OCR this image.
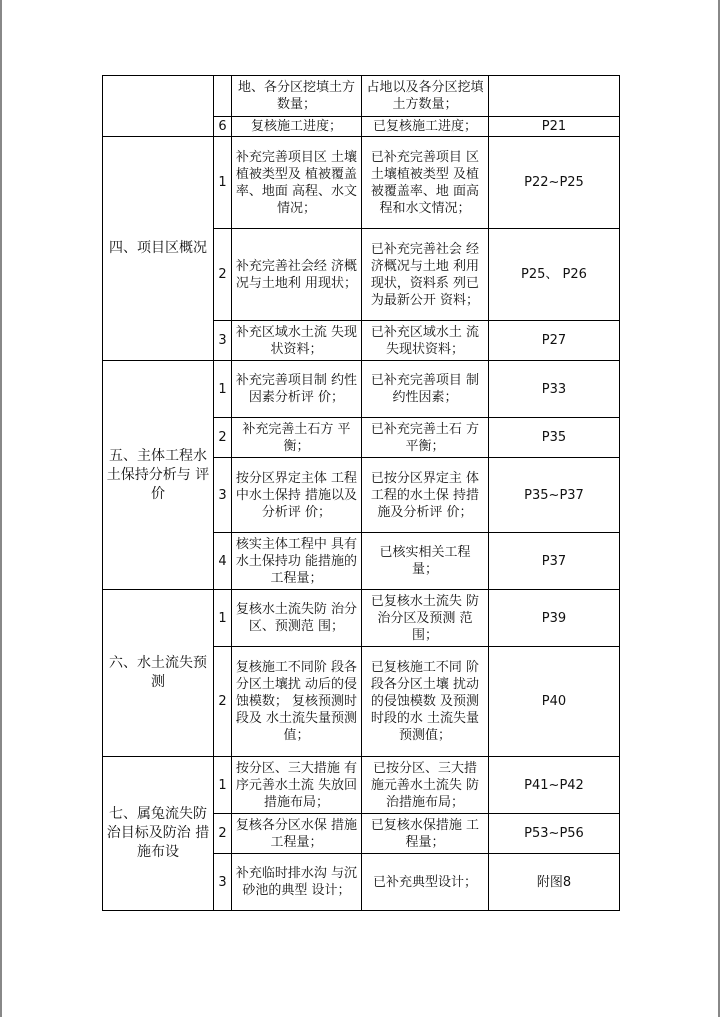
		地、各分区挖填土方数量；	占地以及各分区挖填土方数量；	
	6	复核施工进度；	已复核施工进度；	P21
四、项目区概况	1	补充完善项目区 土壤植被类型及 植被覆盖率、地面 高程、水文情况；	已补充完善项目 区土壤植被类型 及植被覆盖率、地 面高程和水文情况；	P22~P25
	2	补充完善社会经 济概况与土地利 用现状；	已补充完善社会 经济概况与土地 利用现状，资料系 列已为最新公开 资料；	P25、 P26
	3	补充区域水土流 失现状资料；	已补充区域水土 流失现状资料；	P27
五、主体工程水土保持分析与 评价	1	补充完善项目制 约性因素分析评 价；	已补充完善项目 制约性因素；	P33
	2	补充完善土石方 平衡；	已补充完善土石 方平衡；	P35
	3	按分区界定主体 工程中水土保持 措施以及分析评 价；	已按分区界定主 体工程的水土保 持措施及分析评 价；	P35~P37
	4	核实主体工程中 具有水土保持功 能措施的工程量；	已核实相关工程 量；	P37
六、水土流失预测	1	复核水土流失防 治分区、预测范 围；	已复核水土流失 防治分区及预测 范围；	P39
	2	复核施工不同阶 段各分区土壤扰 动后的侵蚀模数； 复核预测时段及 水土流失量预测 值；	已复核施工不同 阶段各分区土壤 扰动的侵蚀模数 及预测时段的水 土流失量预测值；	P40
七、属兔流失防治目标及防治 措施布设	1	按分区、三大措施 有序元善水土流 失放回措施布局；	已按分区、三大措 施元善水土流失 防治措施布局；	P41~P42
	2	复核各分区水保 措施工程量；	已复核水保措施 工程量；	P53~P56
	3	补充临时排水沟 与沉砂池的典型 设计；	已补充典型设计；	附图8
